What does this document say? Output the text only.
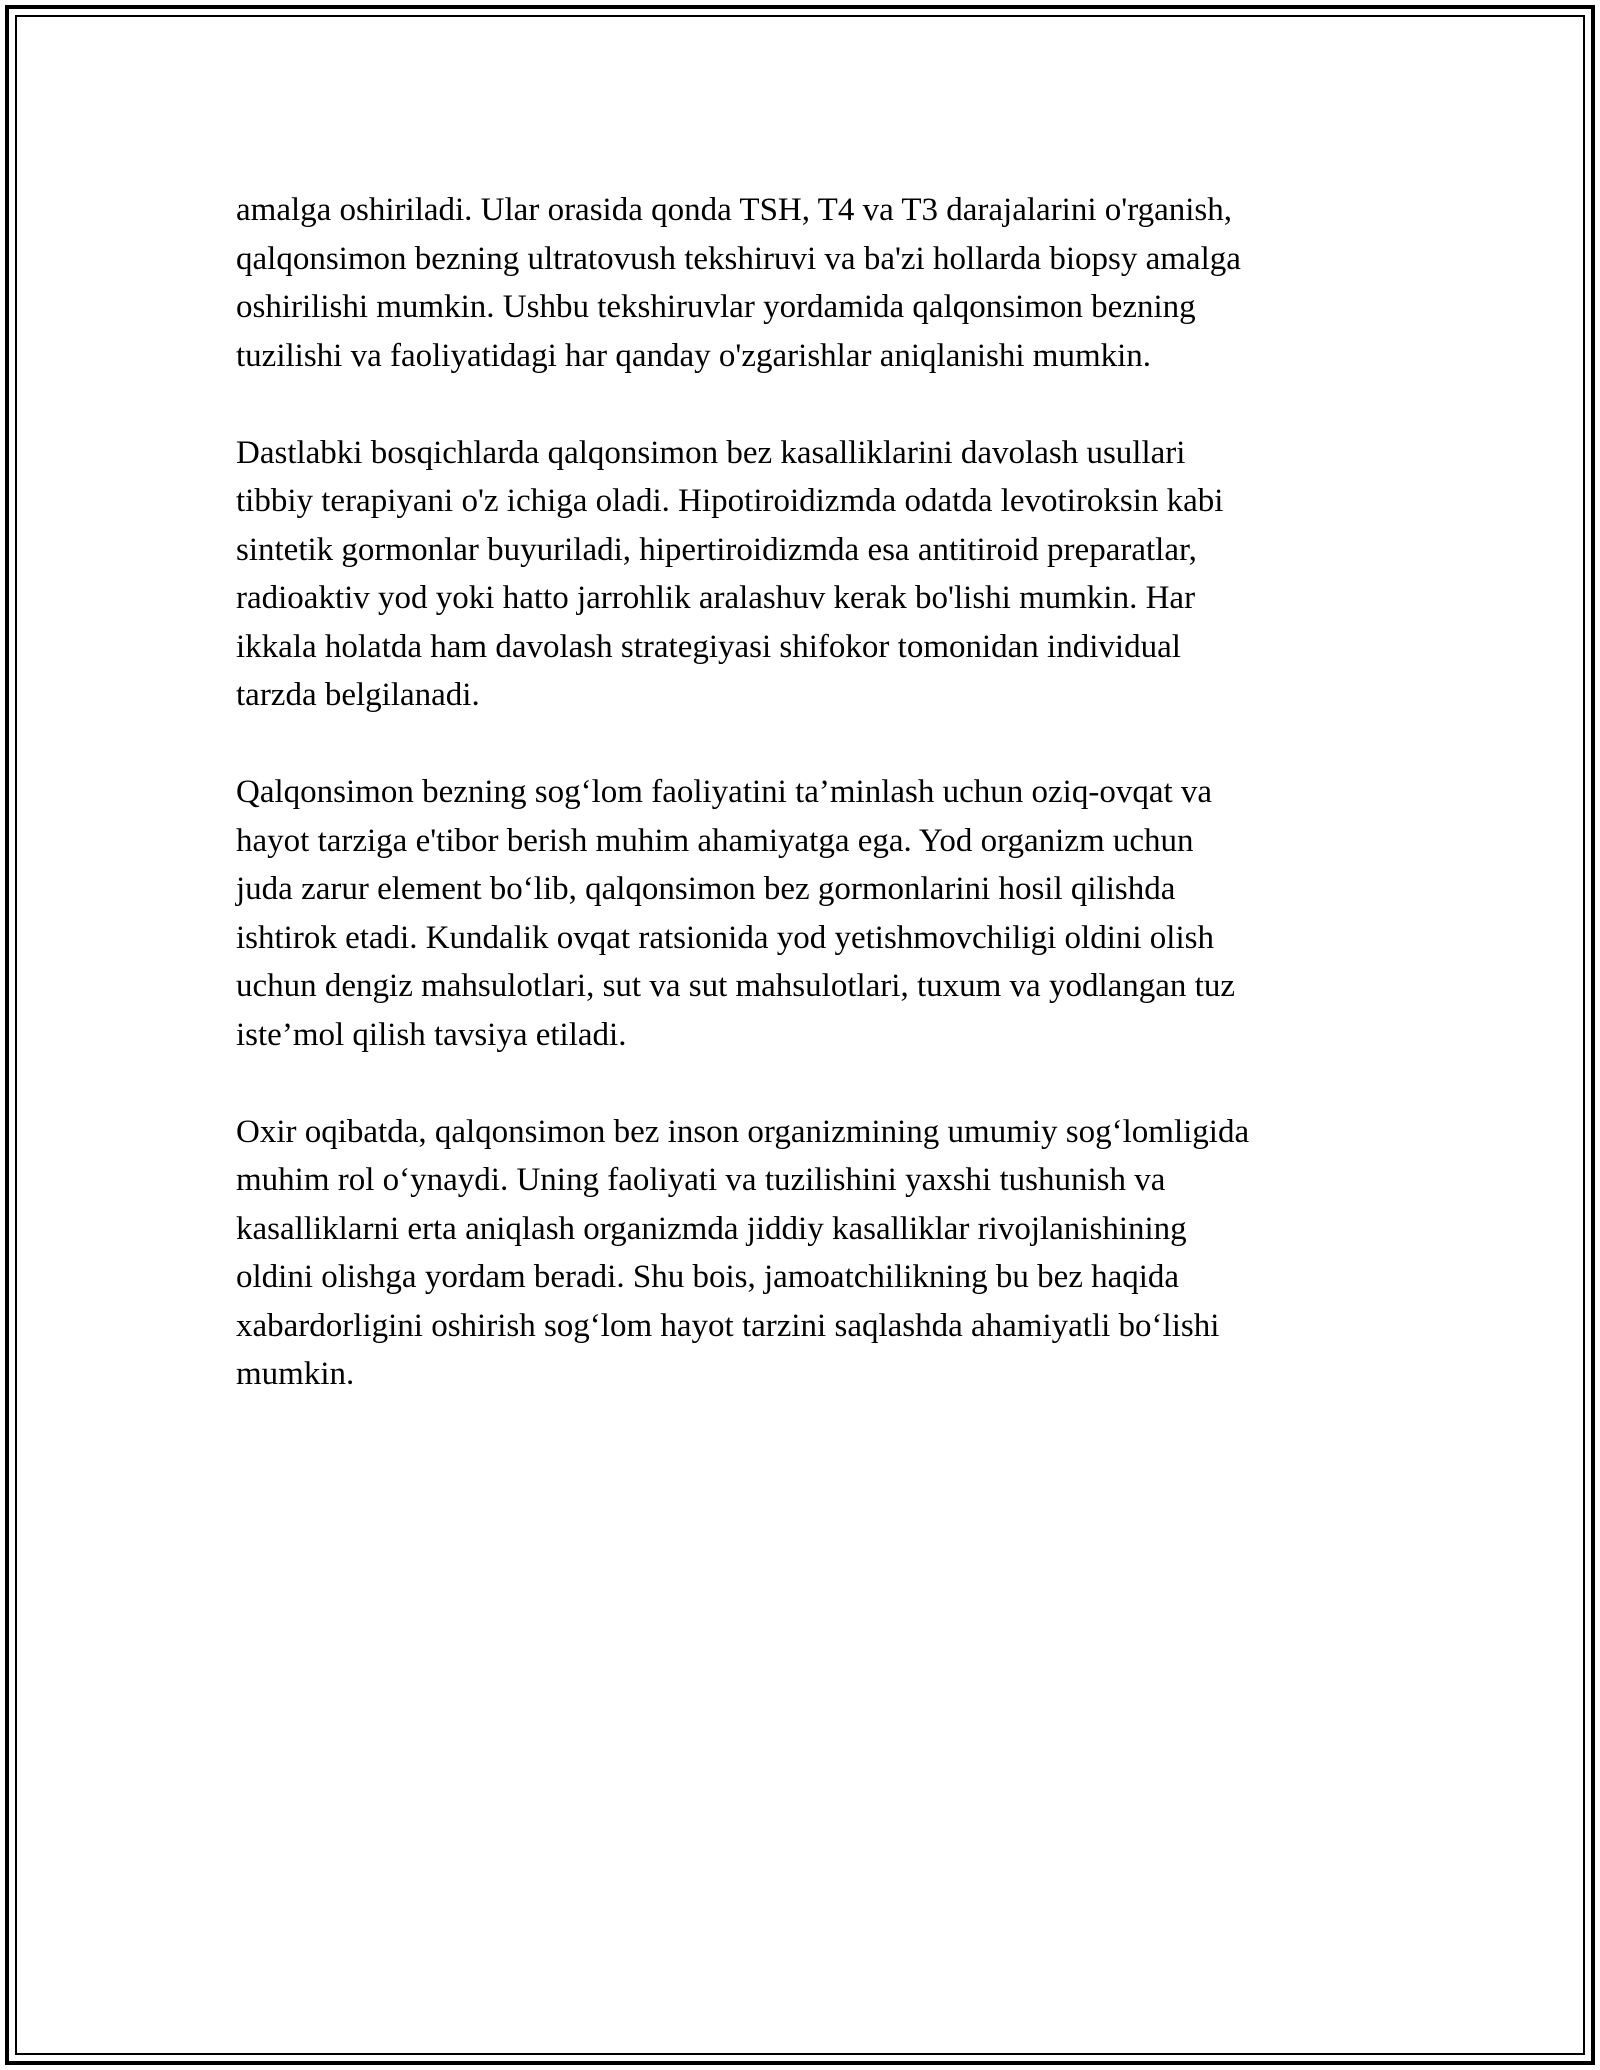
amalga oshiriladi. Ular orasida qonda TSH, T4 va T3 darajalarini o'rganish,
qalqonsimon bezning ultratovush tekshiruvi va ba'zi hollarda biopsy amalga
oshirilishi mumkin. Ushbu tekshiruvlar yordamida qalqonsimon bezning
tuzilishi va faoliyatidagi har qanday o'zgarishlar aniqlanishi mumkin.

Dastlabki bosqichlarda qalqonsimon bez kasalliklarini davolash usullari
tibbiy terapiyani o'z ichiga oladi. Hipotiroidizmda odatda levotiroksin kabi
sintetik gormonlar buyuriladi, hipertiroidizmda esa antitiroid preparatlar,
radioaktiv yod yoki hatto jarrohlik aralashuv kerak bo'lishi mumkin. Har
ikkala holatda ham davolash strategiyasi shifokor tomonidan individual
tarzda belgilanadi.

Qalqonsimon bezning sog‘lom faoliyatini ta’minlash uchun oziq-ovqat va
hayot tarziga e'tibor berish muhim ahamiyatga ega. Yod organizm uchun
juda zarur element bo‘lib, qalqonsimon bez gormonlarini hosil qilishda
ishtirok etadi. Kundalik ovqat ratsionida yod yetishmovchiligi oldini olish
uchun dengiz mahsulotlari, sut va sut mahsulotlari, tuxum va yodlangan tuz
iste’mol qilish tavsiya etiladi.

Oxir oqibatda, qalqonsimon bez inson organizmining umumiy sog‘lomligida
muhim rol o‘ynaydi. Uning faoliyati va tuzilishini yaxshi tushunish va
kasalliklarni erta aniqlash organizmda jiddiy kasalliklar rivojlanishining
oldini olishga yordam beradi. Shu bois, jamoatchilikning bu bez haqida
xabardorligini oshirish sog‘lom hayot tarzini saqlashda ahamiyatli bo‘lishi
mumkin.
